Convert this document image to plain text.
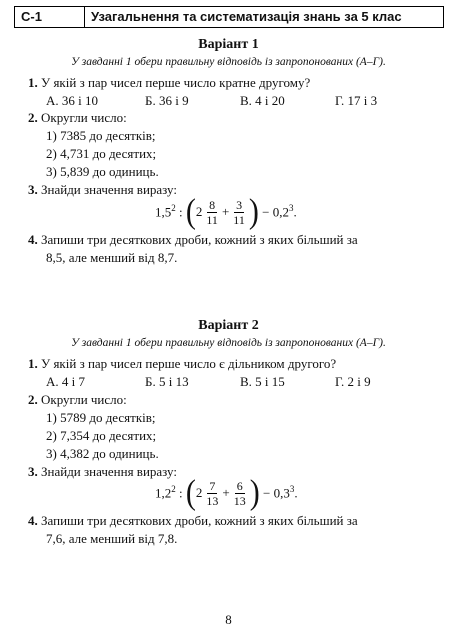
С-1	Узагальнення та систематизація знань за 5 клас
Варіант 1
У завданні 1 обери правильну відповідь із запропонованих (А–Г).
1. У якій з пар чисел перше число кратне другому?
А. 36 і 10	Б. 36 і 9	В. 4 і 20	Г. 17 і 3
2. Округли число:
1) 7385 до десятків;
2) 4,731 до десятих;
3) 5,839 до одиниць.
3. Знайди значення виразу:
$1,5^2$ : ( $2 \frac{8}{11} + \frac{3}{11}$ ) − $0,2^3$.
4. Запиши три десяткових дроби, кожний з яких більший за
8,5, але менший від 8,7.
Варіант 2
У завданні 1 обери правильну відповідь із запропонованих (А–Г).
1. У якій з пар чисел перше число є дільником другого?
А. 4 і 7	Б. 5 і 13	В. 5 і 15	Г. 2 і 9
2. Округли число:
1) 5789 до десятків;
2) 7,354 до десятих;
3) 4,382 до одиниць.
3. Знайди значення виразу:
$1,2^2$ : ( $2 \frac{7}{13} + \frac{6}{13}$ ) − $0,3^3$.
4. Запиши три десяткових дроби, кожний з яких більший за
7,6, але менший від 7,8.
8
